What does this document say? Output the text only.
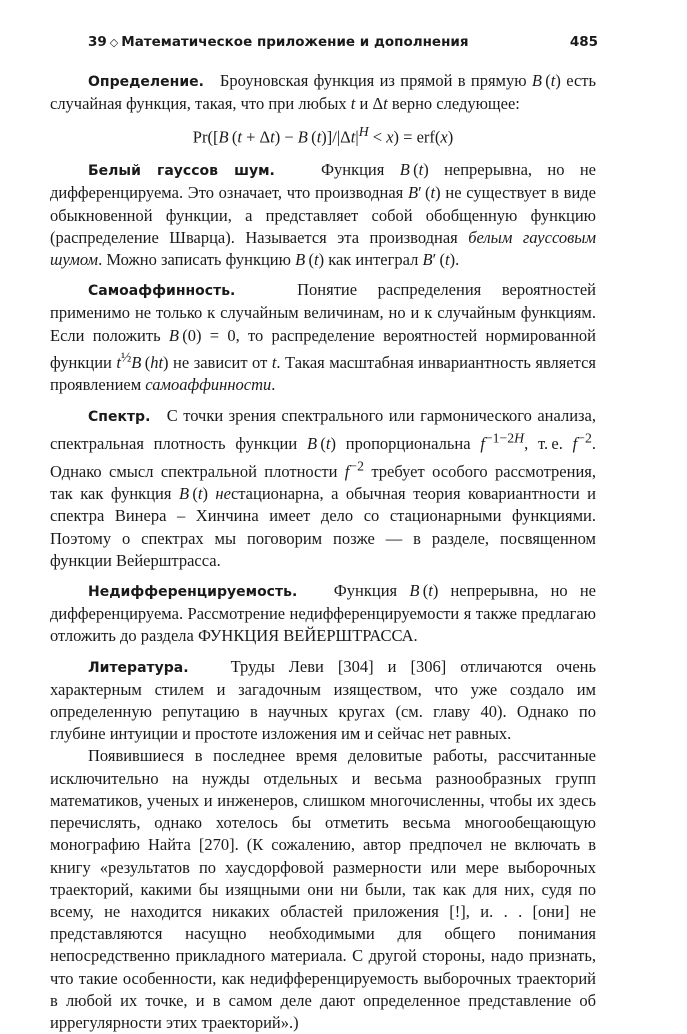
39 ◇ Математическое приложение и дополнения	485

Определение. Броуновская функция из прямой в прямую B (t) есть случайная функция, такая, что при любых t и Δt верно следующее:

Pr([B (t + Δt) − B $(t)]/|\Delta t|^H < x) = erf(x)$

Белый гауссов шум.	Функция B (t) непрерывна, но не дифференцируема. Это означает, что производная B′ (t) не существует в виде обыкновенной функции, а представляет собой обобщенную функцию (распределение Шварца). Называется эта производная белым гауссовым шумом. Можно записать функцию B (t) как интеграл B′ (t).

Самоаффинность.	Понятие распределения вероятностей применимо не только к случайным величинам, но и к случайным функциям. Если положить B (0) = 0, то распределение вероятностей нормированной функции $t^{\frac{1}{2}}B$ (ht) не зависит от t. Такая масштабная инвариантность является проявлением самоаффинности.

Спектр. С точки зрения спектрального или гармонического анализа, спектральная плотность функции B (t) пропорциональна $f^{-1-2H}$, т. е. $f^{-2}$. Однако смысл спектральной плотности $f^{-2}$ требует особого рассмотрения, так как функция B (t) нестационарна, а обычная теория ковариантности и спектра Винера – Хинчина имеет дело со стационарными функциями. Поэтому о спектрах мы поговорим позже — в разделе, посвященном функции Вейерштрасса.

Недифференцируемость. Функция B (t) непрерывна, но не дифференцируема. Рассмотрение недифференцируемости я также предлагаю отложить до раздела ФУНКЦИЯ ВЕЙЕРШТРАССА.

Литература.	Труды Леви [304] и [306] отличаются очень характерным стилем и загадочным изяществом, что уже создало им определенную репутацию в научных кругах (см. главу 40). Однако по глубине интуиции и простоте изложения им и сейчас нет равных.

Появившиеся в последнее время деловитые работы, рассчитанные исключительно на нужды отдельных и весьма разнообразных групп математиков, ученых и инженеров, слишком многочисленны, чтобы их здесь перечислять, однако хотелось бы отметить весьма многообещающую монографию Найта [270]. (К сожалению, автор предпочел не включать в книгу «результатов по хаусдорфовой размерности или мере выборочных траекторий, какими бы изящными они ни были, так как для них, судя по всему, не находится никаких областей приложения [!], и. . . [они] не представляются насущно необходимыми для общего понимания непосредственно прикладного материала. С другой стороны, надо признать, что такие особенности, как недифференцируемость выборочных траекторий в любой их точке, и в самом деле дают определенное представление об иррегулярности этих траекторий».)
